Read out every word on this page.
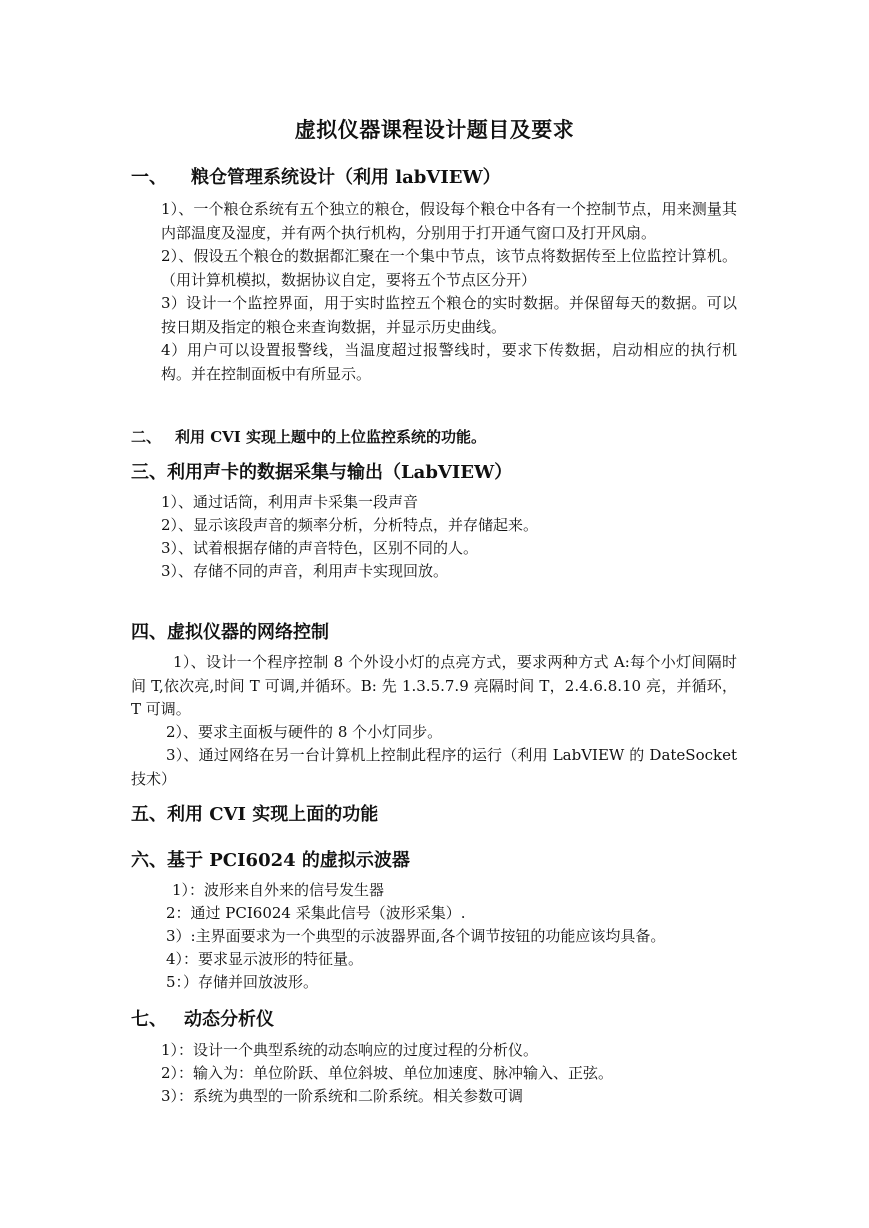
虚拟仪器课程设计题目及要求
一、 粮仓管理系统设计（利用 labVIEW）

1）、一个粮仓系统有五个独立的粮仓，假设每个粮仓中各有一个控制节点，用来测量其内部温度及湿度，并有两个执行机构，分别用于打开通气窗口及打开风扇。

2）、假设五个粮仓的数据都汇聚在一个集中节点，该节点将数据传至上位监控计算机。（用计算机模拟，数据协议自定，要将五个节点区分开）

3）设计一个监控界面，用于实时监控五个粮仓的实时数据。并保留每天的数据。可以按日期及指定的粮仓来查询数据，并显示历史曲线。

4）用户可以设置报警线，当温度超过报警线时，要求下传数据，启动相应的执行机构。并在控制面板中有所显示。

二、 利用 CVI 实现上题中的上位监控系统的功能。
三、利用声卡的数据采集与输出（LabVIEW）

1）、通过话筒，利用声卡采集一段声音

2）、显示该段声音的频率分析，分析特点，并存储起来。

3）、试着根据存储的声音特色，区别不同的人。

3）、存储不同的声音，利用声卡实现回放。

四、虚拟仪器的网络控制
1）、设计一个程序控制 8 个外设小灯的点亮方式，要求两种方式 A:每个小灯间隔时间 T,依次亮,时间 T 可调,并循环。B: 先 1.3.5.7.9 亮隔时间 T，2.4.6.8.10 亮，并循环，T 可调。
2）、要求主面板与硬件的 8 个小灯同步。
3）、通过网络在另一台计算机上控制此程序的运行（利用 LabVIEW 的 DateSocket 技术）
五、利用 CVI 实现上面的功能
六、基于 PCI6024 的虚拟示波器

1）：波形来自外来的信号发生器

2：通过 PCI6024 采集此信号（波形采集）.

3）:主界面要求为一个典型的示波器界面,各个调节按钮的功能应该均具备。

4）：要求显示波形的特征量。

5：）存储并回放波形。

七、 动态分析仪

1）：设计一个典型系统的动态响应的过度过程的分析仪。

2）：输入为：单位阶跃、单位斜坡、单位加速度、脉冲输入、正弦。

3）：系统为典型的一阶系统和二阶系统。相关参数可调
